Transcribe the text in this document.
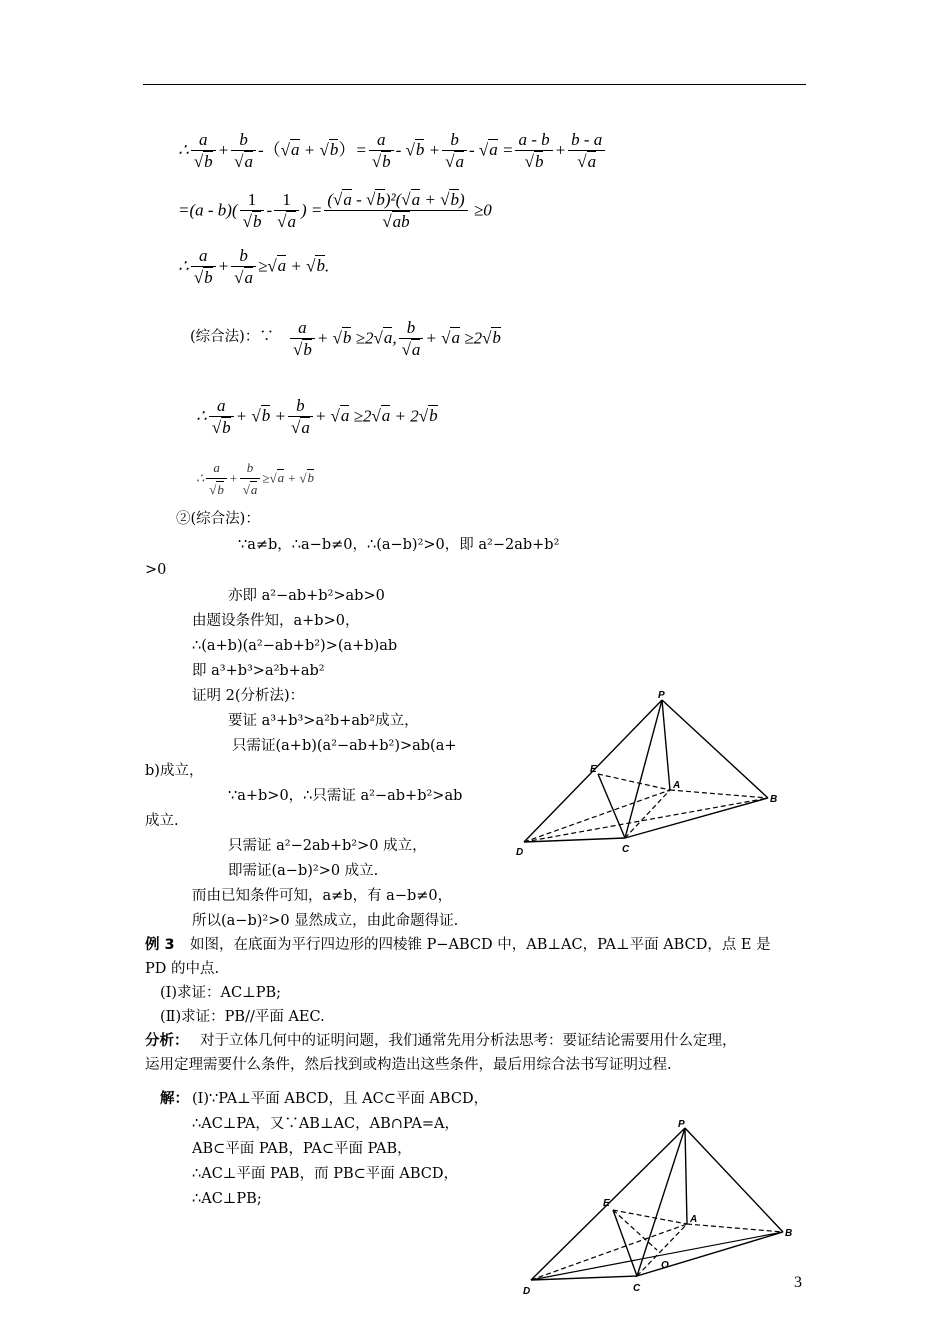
∴ $\frac{a}{√b} + \frac{b}{√a} -(√a + √b)= \frac{a}{√b} - √b + \frac{b}{√a} - √a = \frac{a - b}{√b} + \frac{b - a}{√a}$
$=(a - b)( \frac{1}{√b} - \frac{1}{√a}$ ) = $\frac{\text{(√a - √b)²(√a + √b)}}{√ab} \ge 0$
∴ $\frac{a}{√b} + \frac{b}{√a} \ge√a + √b$.
(综合法)：∵ $\frac{a}{√b} + √b \ge 2√a$, $\frac{b}{√a} + √a \ge 2√b$
∴ $\frac{a}{√b} + √b + \frac{b}{√a} + √a \ge 2√a + 2√b$
∴ $\frac{a}{√b} + \frac{b}{√a} \ge√a + √b$
②(综合法)：
∵a≠b，∴a−b≠0，∴(a−b)²>0，即 a²−2ab+b²
>0
亦即 a²−ab+b²>ab>0
由题设条件知，a+b>0，
∴(a+b)(a²−ab+b²)>(a+b)ab
即 a³+b³>a²b+ab²
证明 2(分析法)：
要证 a³+b³>a²b+ab²成立，
只需证(a+b)(a²−ab+b²)>ab(a+
b)成立，
∵a+b>0，∴只需证 a²−ab+b²>ab
成立.
只需证 a²−2ab+b²>0 成立，
即需证(a−b)²>0 成立.
而由已知条件可知，a≠b，有 a−b≠0，
所以(a−b)²>0 显然成立，由此命题得证.
例 3 如图，在底面为平行四边形的四棱锥 P−ABCD 中，AB⊥AC，PA⊥平面 ABCD，点 E 是
PD 的中点.
(Ⅰ)求证：AC⊥PB;
(Ⅱ)求证：PB//平面 AEC.
分析： 对于立体几何中的证明问题，我们通常先用分析法思考：要证结论需要用什么定理，
运用定理需要什么条件，然后找到或构造出这些条件，最后用综合法书写证明过程.
解： (Ⅰ)∵PA⊥平面 ABCD，且 AC⊂平面 ABCD，
∴AC⊥PA，又∵AB⊥AC，AB∩PA=A，
AB⊂平面 PAB，PA⊂平面 PAB，
∴AC⊥平面 PAB，而 PB⊂平面 ABCD，
∴AC⊥PB;
P
E
A
B
C
D
P
E
A
B
O
C
D
3
